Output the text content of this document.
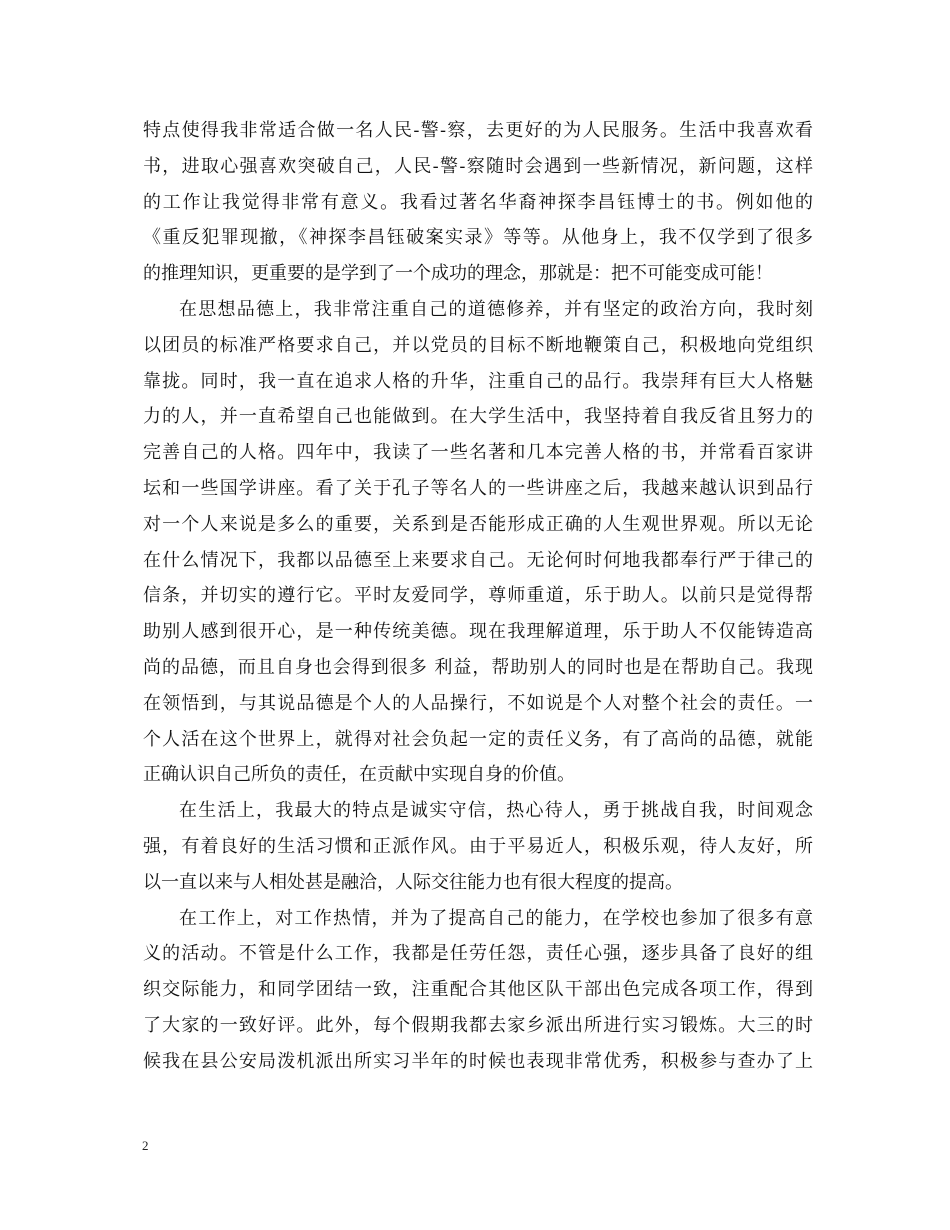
特点使得我非常适合做一名人民-警-察，去更好的为人民服务。生活中我喜欢看
书，进取心强喜欢突破自己，人民-警-察随时会遇到一些新情况，新问题，这样
的工作让我觉得非常有意义。我看过著名华裔神探李昌钰博士的书。例如他的
《重反犯罪现撤，《神探李昌钰破案实录》等等。从他身上，我不仅学到了很多
的推理知识，更重要的是学到了一个成功的理念，那就是：把不可能变成可能！
在思想品德上，我非常注重自己的道德修养，并有坚定的政治方向，我时刻
以团员的标准严格要求自己，并以党员的目标不断地鞭策自己，积极地向党组织
靠拢。同时，我一直在追求人格的升华，注重自己的品行。我崇拜有巨大人格魅
力的人，并一直希望自己也能做到。在大学生活中，我坚持着自我反省且努力的
完善自己的人格。四年中，我读了一些名著和几本完善人格的书，并常看百家讲
坛和一些国学讲座。看了关于孔子等名人的一些讲座之后，我越来越认识到品行
对一个人来说是多么的重要，关系到是否能形成正确的人生观世界观。所以无论
在什么情况下，我都以品德至上来要求自己。无论何时何地我都奉行严于律己的
信条，并切实的遵行它。平时友爱同学，尊师重道，乐于助人。以前只是觉得帮
助别人感到很开心，是一种传统美德。现在我理解道理，乐于助人不仅能铸造高
尚的品德，而且自身也会得到很多 利益，帮助别人的同时也是在帮助自己。我现
在领悟到，与其说品德是个人的人品操行，不如说是个人对整个社会的责任。一
个人活在这个世界上，就得对社会负起一定的责任义务，有了高尚的品德，就能
正确认识自己所负的责任，在贡献中实现自身的价值。
在生活上，我最大的特点是诚实守信，热心待人，勇于挑战自我，时间观念
强，有着良好的生活习惯和正派作风。由于平易近人，积极乐观，待人友好，所
以一直以来与人相处甚是融洽，人际交往能力也有很大程度的提高。
在工作上，对工作热情，并为了提高自己的能力，在学校也参加了很多有意
义的活动。不管是什么工作，我都是任劳任怨，责任心强，逐步具备了良好的组
织交际能力，和同学团结一致，注重配合其他区队干部出色完成各项工作，得到
了大家的一致好评。此外，每个假期我都去家乡派出所进行实习锻炼。大三的时
候我在县公安局泼机派出所实习半年的时候也表现非常优秀，积极参与查办了上
2
